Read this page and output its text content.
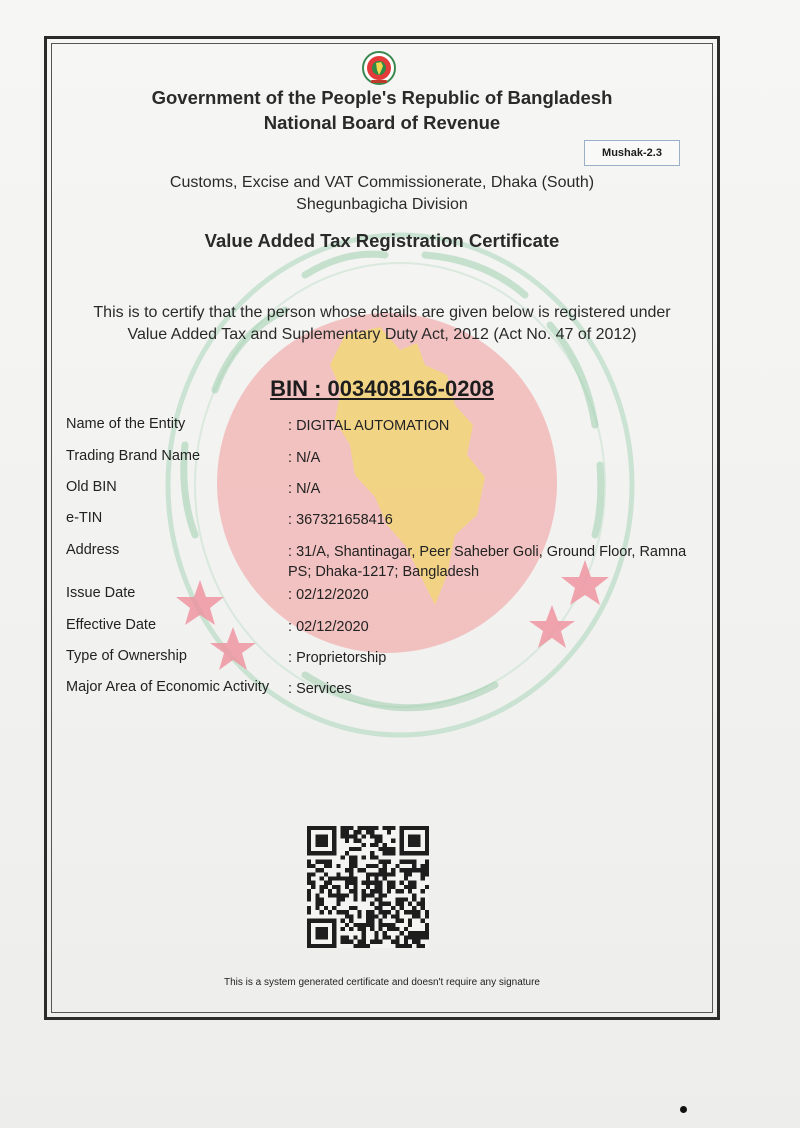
Government of the People's Republic of Bangladesh
National Board of Revenue
Mushak-2.3
Customs, Excise and VAT Commissionerate, Dhaka (South)
Shegunbagicha Division
Value Added Tax Registration Certificate
This is to certify that the person whose details are given below is registered under
Value Added Tax and Suplementary Duty Act, 2012 (Act No. 47 of 2012)
BIN : 003408166-0208
Name of the Entity	: DIGITAL AUTOMATION
Trading Brand Name	: N/A
Old BIN	: N/A
e-TIN	: 367321658416
Address	: 31/A, Shantinagar, Peer Saheber Goli, Ground Floor, Ramna PS; Dhaka-1217; Bangladesh
Issue Date	: 02/12/2020
Effective Date	: 02/12/2020
Type of Ownership	: Proprietorship
Major Area of Economic Activity	: Services
This is a system generated certificate and doesn't require any signature
